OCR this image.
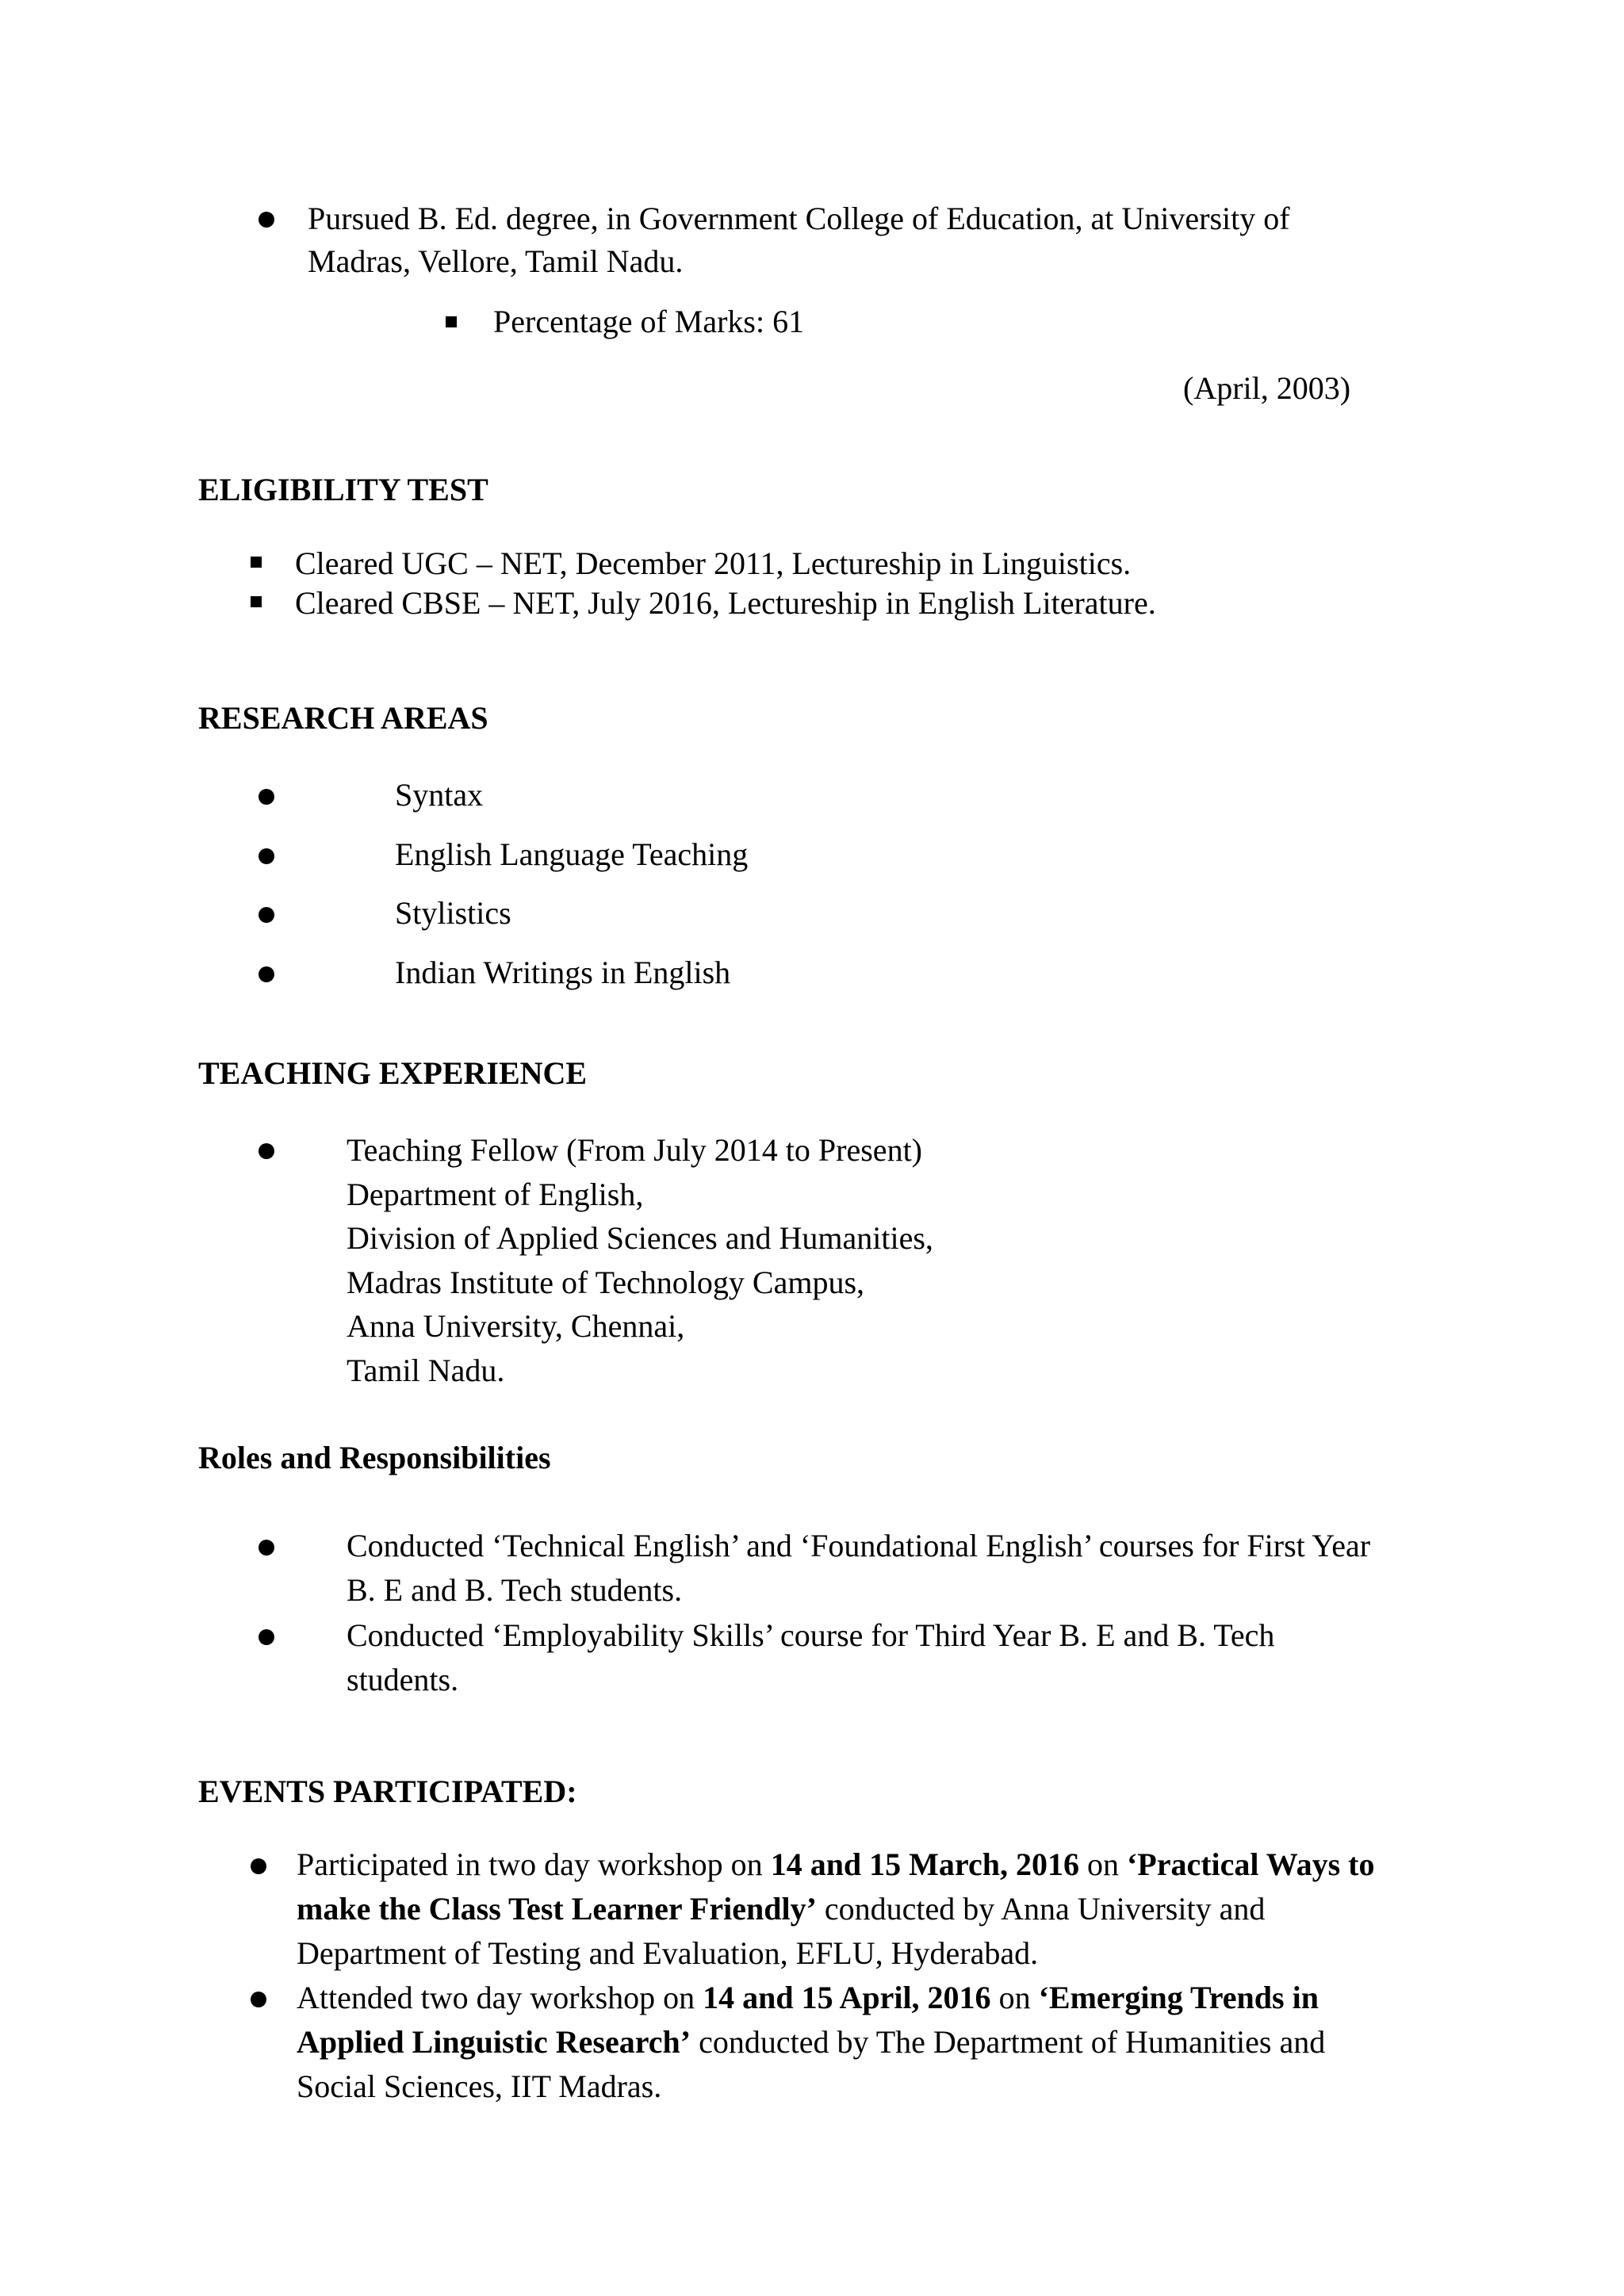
Pursued B. Ed. degree, in Government College of Education, at University of
Madras, Vellore, Tamil Nadu.
Percentage of Marks: 61
(April, 2003)
ELIGIBILITY TEST
Cleared UGC – NET, December 2011, Lectureship in Linguistics.
Cleared CBSE – NET, July 2016, Lectureship in English Literature.
RESEARCH AREAS
Syntax
English Language Teaching
Stylistics
Indian Writings in English
TEACHING EXPERIENCE
Teaching Fellow (From July 2014 to Present)
Department of English,
Division of Applied Sciences and Humanities,
Madras Institute of Technology Campus,
Anna University, Chennai,
Tamil Nadu.
Roles and Responsibilities
Conducted ‘Technical English’ and ‘Foundational English’ courses for First Year
B. E and B. Tech students.
Conducted ‘Employability Skills’ course for Third Year B. E and B. Tech
students.
EVENTS PARTICIPATED:
Participated in two day workshop on 14 and 15 March, 2016 on ‘Practical Ways to
make the Class Test Learner Friendly’ conducted by Anna University and
Department of Testing and Evaluation, EFLU, Hyderabad.
Attended two day workshop on 14 and 15 April, 2016 on ‘Emerging Trends in
Applied Linguistic Research’ conducted by The Department of Humanities and
Social Sciences, IIT Madras.
